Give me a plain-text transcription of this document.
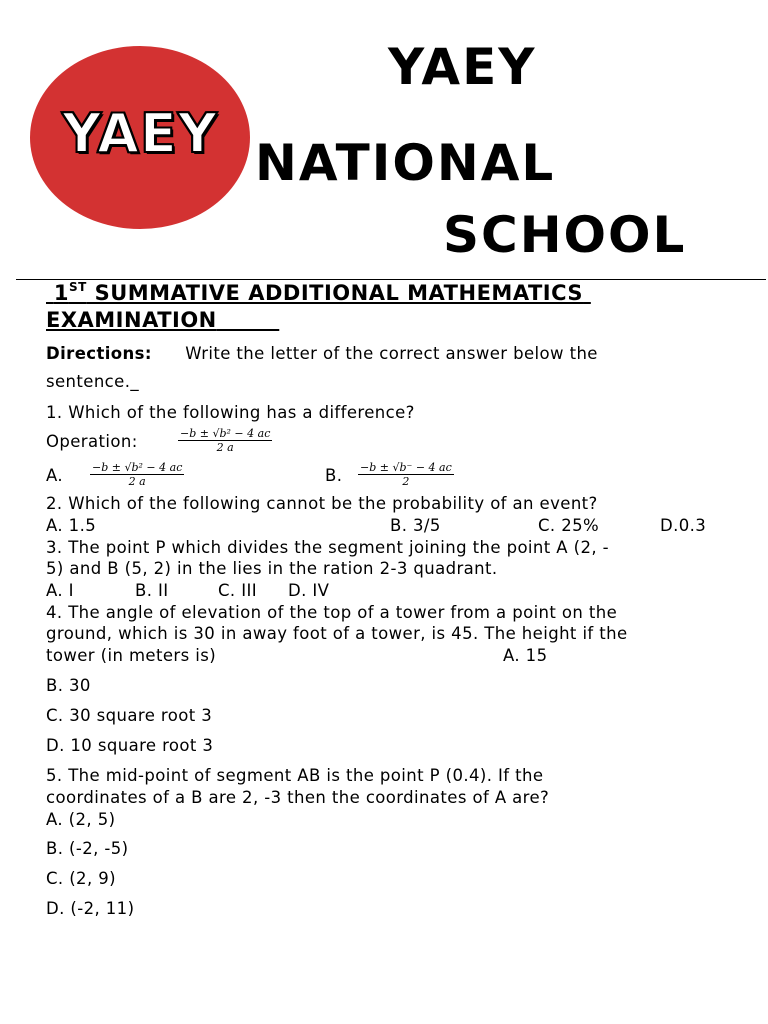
YAEY
YAEY
NATIONAL
SCHOOL
1ST SUMMATIVE ADDITIONAL MATHEMATICS
EXAMINATION
Directions: Write the letter of the correct answer below the
sentence._
1. Which of the following has a difference?
Operation:	$\frac{\text{−b ± √b² − 4 ac}}{2 a}$
A. $\frac{\text{−b ± √b² − 4 ac}}{2 a}$	B. $\frac{-b \pm √b^- - 4 ac}{2}$
2. Which of the following cannot be the probability of an event?
A. 1.5	B. 3/5	C. 25%	D.0.3
3. The point P which divides the segment joining the point A (2, -
5) and B (5, 2) in the lies in the ration 2-3 quadrant.
A. I	B. II	C. III D. IV
4. The angle of elevation of the top of a tower from a point on the
ground, which is 30 in away foot of a tower, is 45. The height if the
tower (in meters is)	A. 15
B. 30
C. 30 square root 3
D. 10 square root 3
5. The mid-point of segment AB is the point P (0.4). If the
coordinates of a B are 2, -3 then the coordinates of A are?
A. (2, 5)
B. (-2, -5)
C. (2, 9)
D. (-2, 11)
